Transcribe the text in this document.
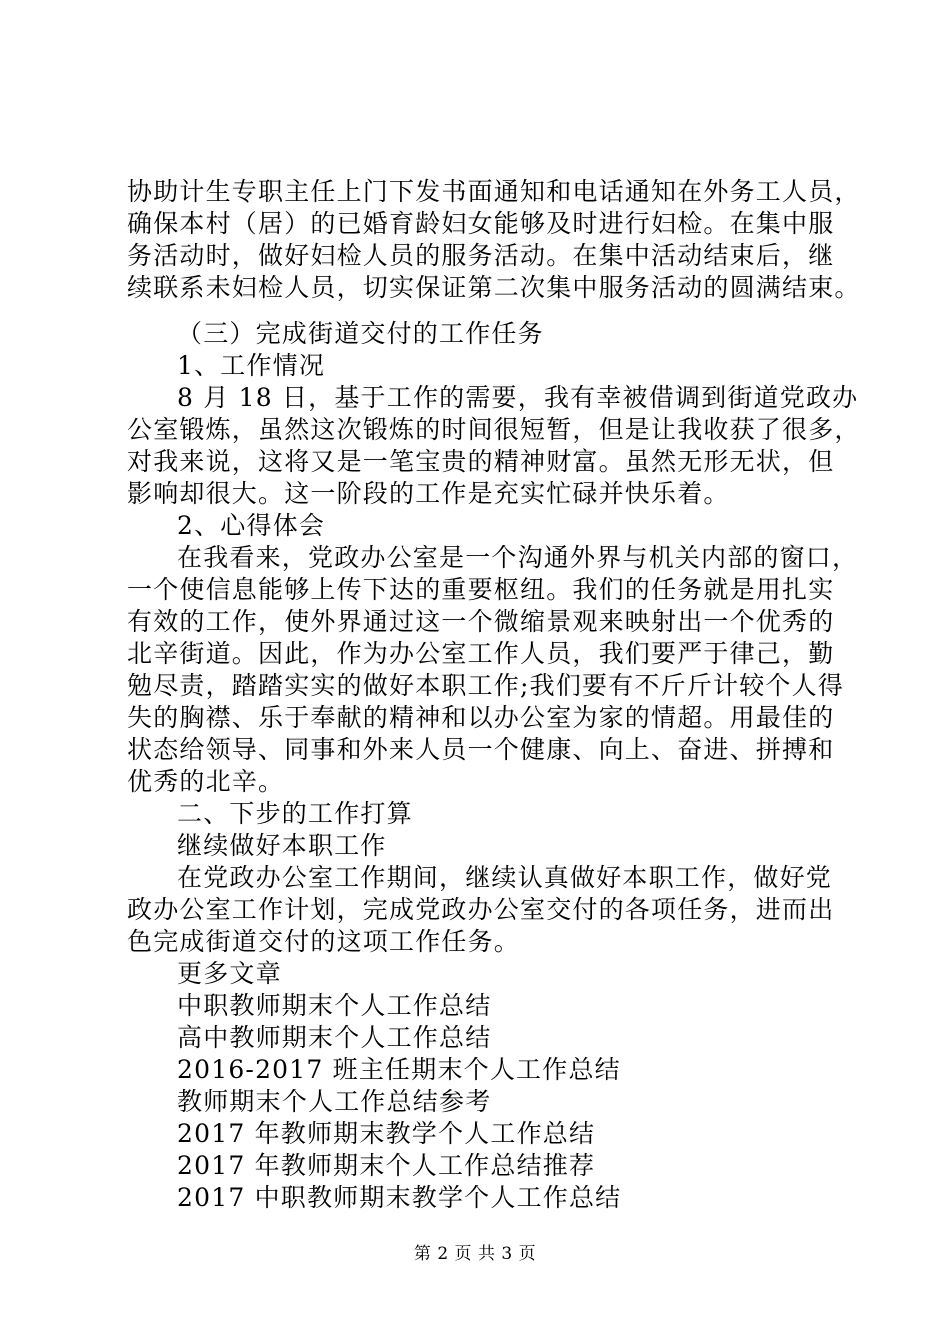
协助计生专职主任上门下发书面通知和电话通知在外务工人员，
确保本村（居）的已婚育龄妇女能够及时进行妇检。在集中服
务活动时，做好妇检人员的服务活动。在集中活动结束后，继
续联系未妇检人员，切实保证第二次集中服务活动的圆满结束。
（三）完成街道交付的工作任务
1、工作情况
8 月 18 日，基于工作的需要，我有幸被借调到街道党政办
公室锻炼，虽然这次锻炼的时间很短暂，但是让我收获了很多，
对我来说，这将又是一笔宝贵的精神财富。虽然无形无状，但
影响却很大。这一阶段的工作是充实忙碌并快乐着。
2、心得体会
在我看来，党政办公室是一个沟通外界与机关内部的窗口，
一个使信息能够上传下达的重要枢纽。我们的任务就是用扎实
有效的工作，使外界通过这一个微缩景观来映射出一个优秀的
北辛街道。因此，作为办公室工作人员，我们要严于律己，勤
勉尽责，踏踏实实的做好本职工作;我们要有不斤斤计较个人得
失的胸襟、乐于奉献的精神和以办公室为家的情超。用最佳的
状态给领导、同事和外来人员一个健康、向上、奋进、拼搏和
优秀的北辛。
二、下步的工作打算
继续做好本职工作
在党政办公室工作期间，继续认真做好本职工作，做好党
政办公室工作计划，完成党政办公室交付的各项任务，进而出
色完成街道交付的这项工作任务。
更多文章
中职教师期末个人工作总结
高中教师期末个人工作总结
2016-2017 班主任期末个人工作总结
教师期末个人工作总结参考
2017 年教师期末教学个人工作总结
2017 年教师期末个人工作总结推荐
2017 中职教师期末教学个人工作总结
第 2 页 共 3 页
